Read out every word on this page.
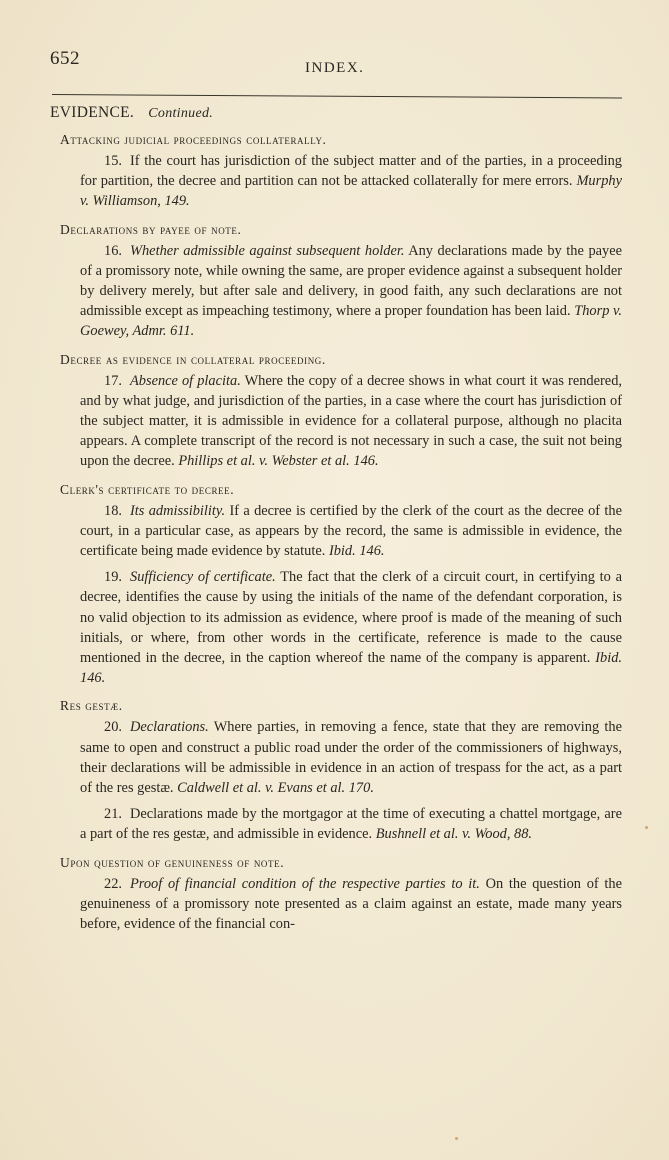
652	INDEX.
EVIDENCE. Continued.
Attacking judicial proceedings collaterally.

15. If the court has jurisdiction of the subject matter and of the parties, in a proceeding for partition, the decree and partition can not be attacked collaterally for mere errors. Murphy v. Williamson, 149.

Declarations by payee of note.

16. Whether admissible against subsequent holder. Any declarations made by the payee of a promissory note, while owning the same, are proper evidence against a subsequent holder by delivery merely, but after sale and delivery, in good faith, any such declarations are not admissible except as impeaching testimony, where a proper foundation has been laid. Thorp v. Goewey, Admr. 611.

Decree as evidence in collateral proceeding.

17. Absence of placita. Where the copy of a decree shows in what court it was rendered, and by what judge, and jurisdiction of the parties, in a case where the court has jurisdiction of the subject matter, it is admissible in evidence for a collateral purpose, although no placita appears. A complete transcript of the record is not necessary in such a case, the suit not being upon the decree. Phillips et al. v. Webster et al. 146.

Clerk's certificate to decree.

18. Its admissibility. If a decree is certified by the clerk of the court as the decree of the court, in a particular case, as appears by the record, the same is admissible in evidence, the certificate being made evidence by statute. Ibid. 146.

19. Sufficiency of certificate. The fact that the clerk of a circuit court, in certifying to a decree, identifies the cause by using the initials of the name of the defendant corporation, is no valid objection to its admission as evidence, where proof is made of the meaning of such initials, or where, from other words in the certificate, reference is made to the cause mentioned in the decree, in the caption whereof the name of the company is apparent. Ibid. 146.

Res gestæ.

20. Declarations. Where parties, in removing a fence, state that they are removing the same to open and construct a public road under the order of the commissioners of highways, their declarations will be admissible in evidence in an action of trespass for the act, as a part of the res gestæ. Caldwell et al. v. Evans et al. 170.

21. Declarations made by the mortgagor at the time of executing a chattel mortgage, are a part of the res gestæ, and admissible in evidence. Bushnell et al. v. Wood, 88.

Upon question of genuineness of note.

22. Proof of financial condition of the respective parties to it. On the question of the genuineness of a promissory note presented as a claim against an estate, made many years before, evidence of the financial con-
